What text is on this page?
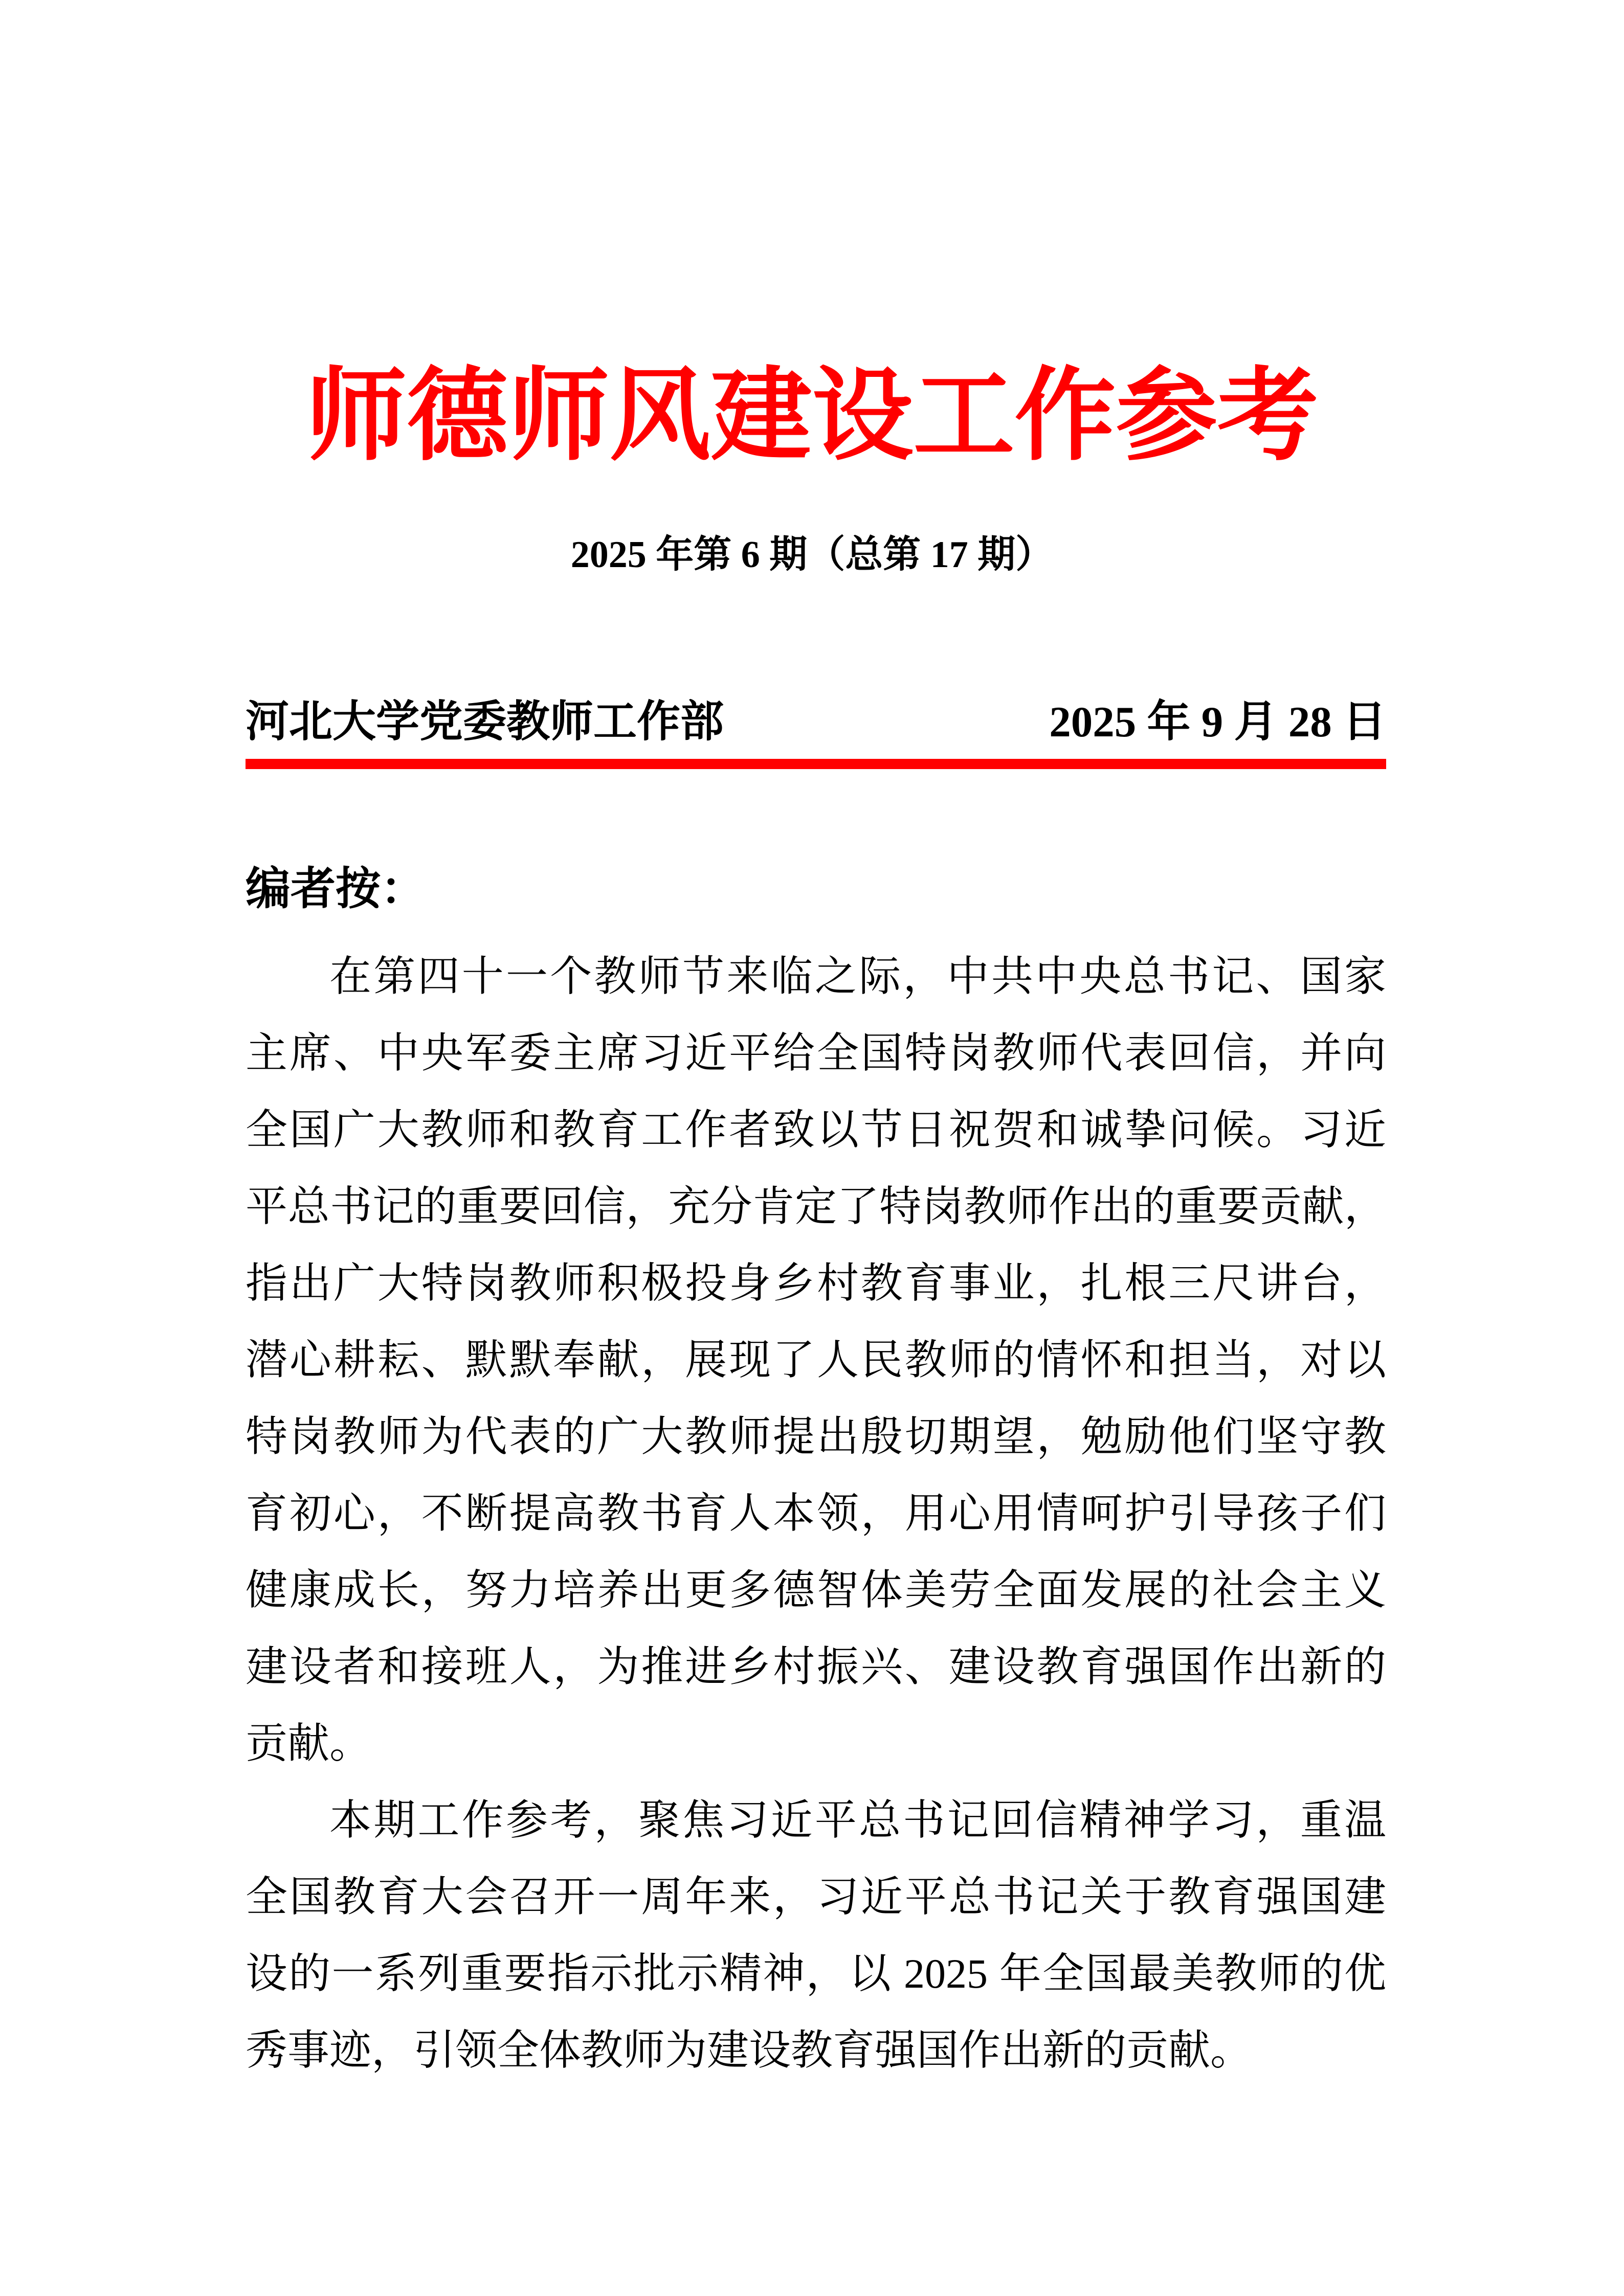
师德师风建设工作参考
2025 年第 6 期（总第 17 期）
河北大学党委教师工作部	2025 年 9 月 28 日
编者按：
在第四十一个教师节来临之际，中共中央总书记、国家
主席、中央军委主席习近平给全国特岗教师代表回信，并向
全国广大教师和教育工作者致以节日祝贺和诚挚问候。习近
平总书记的重要回信，充分肯定了特岗教师作出的重要贡献，
指出广大特岗教师积极投身乡村教育事业，扎根三尺讲台，
潜心耕耘、默默奉献，展现了人民教师的情怀和担当，对以
特岗教师为代表的广大教师提出殷切期望，勉励他们坚守教
育初心，不断提高教书育人本领，用心用情呵护引导孩子们
健康成长，努力培养出更多德智体美劳全面发展的社会主义
建设者和接班人，为推进乡村振兴、建设教育强国作出新的
贡献。
本期工作参考，聚焦习近平总书记回信精神学习，重温
全国教育大会召开一周年来，习近平总书记关于教育强国建
设的一系列重要指示批示精神，以 2025 年全国最美教师的优
秀事迹，引领全体教师为建设教育强国作出新的贡献。
